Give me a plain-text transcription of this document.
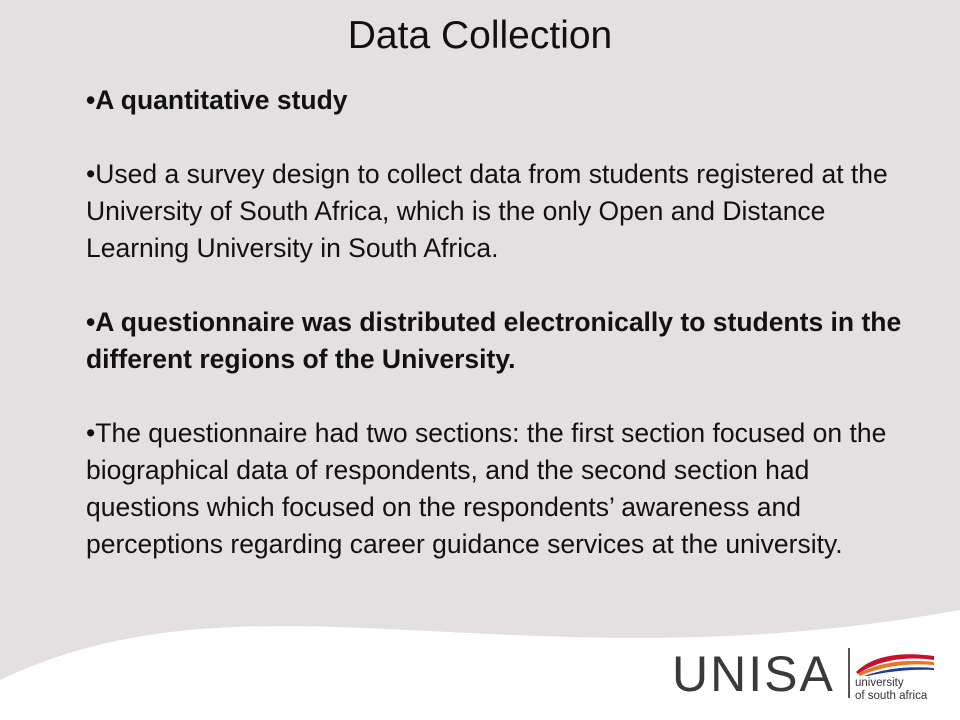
Data Collection

•A quantitative study

•Used a survey design to collect data from students registered at the University of South Africa, which is the only Open and Distance Learning University in South Africa.

•A questionnaire was distributed electronically to students in the different regions of the University.

•The questionnaire had two sections: the first section focused on the biographical data of respondents, and the second section had questions which focused on the respondents’ awareness and perceptions regarding career guidance services at the university.

UNISA university
of south africa
